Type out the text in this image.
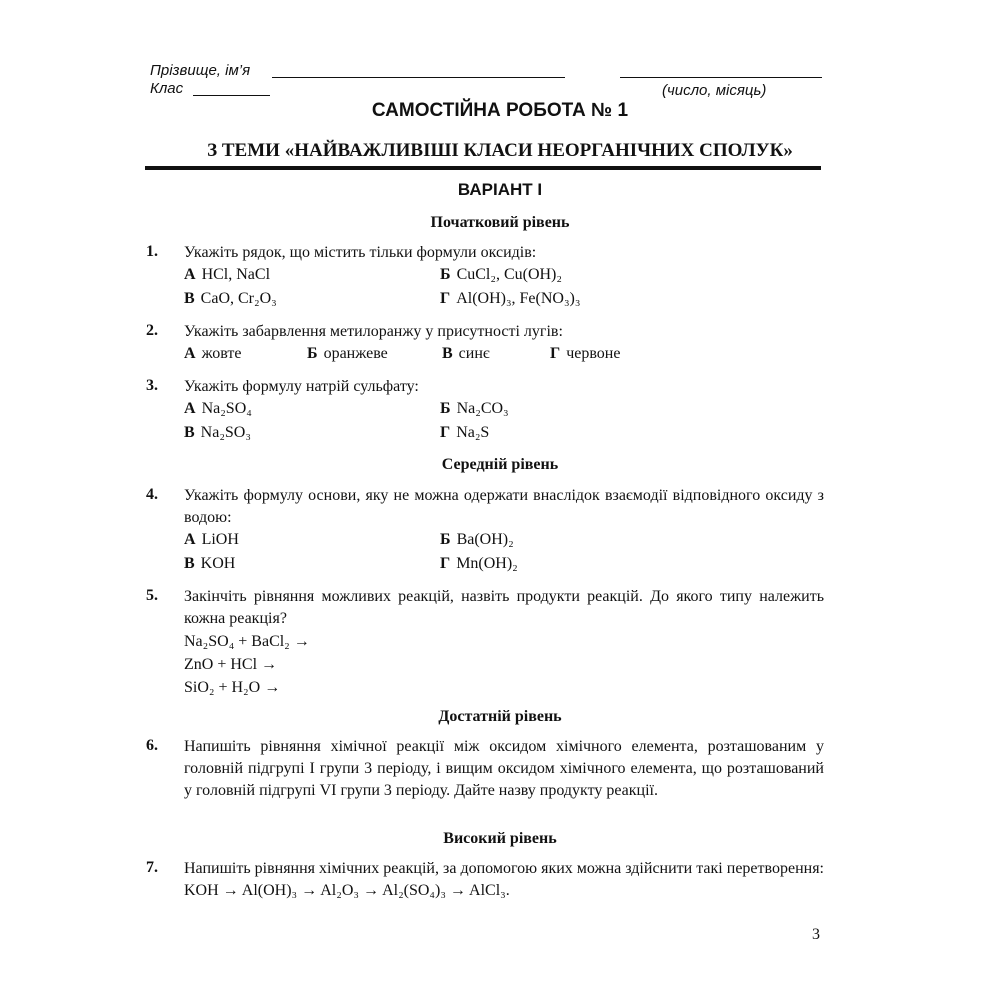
Прізвище, ім’я
Клас	(число, місяць)
САМОСТІЙНА РОБОТА № 1
З ТЕМИ «НАЙВАЖЛИВІШІ КЛАСИ НЕОРГАНІЧНИХ СПОЛУК»
ВАРІАНТ I
Початковий рівень
1. Укажіть рядок, що містить тільки формули оксидів:
А HCl, NaCl	Б CuCl₂, Cu(OH)₂
В CaO, Cr₂O₃	Г Al(OH)₃, Fe(NO₃)₃
2. Укажіть забарвлення метилоранжу у присутності лугів:
А жовте	Б оранжеве	В синє	Г червоне
3. Укажіть формулу натрій сульфату:
А Na₂SO₄	Б Na₂CO₃
В Na₂SO₃	Г Na₂S
Середній рівень
4. Укажіть формулу основи, яку не можна одержати внаслідок взаємодії відповідного оксиду з водою:
А LiOH	Б Ba(OH)₂
В KOH	Г Mn(OH)₂
5. Закінчіть рівняння можливих реакцій, назвіть продукти реакцій. До якого типу належить кожна реакція?
Na₂SO₄ + BaCl₂ →
ZnO + HCl →
SiO₂ + H₂O →
Достатній рівень
6. Напишіть рівняння хімічної реакції між оксидом хімічного елемента, розташованим у головній підгрупі I групи 3 періоду, і вищим оксидом хімічного елемента, що розташований у головній підгрупі VI групи 3 періоду. Дайте назву продукту реакції.
Високий рівень
7. Напишіть рівняння хімічних реакцій, за допомогою яких можна здійснити такі перетворення: KOH → Al(OH)₃ → Al₂O₃ → Al₂(SO₄)₃ → AlCl₃.
3
